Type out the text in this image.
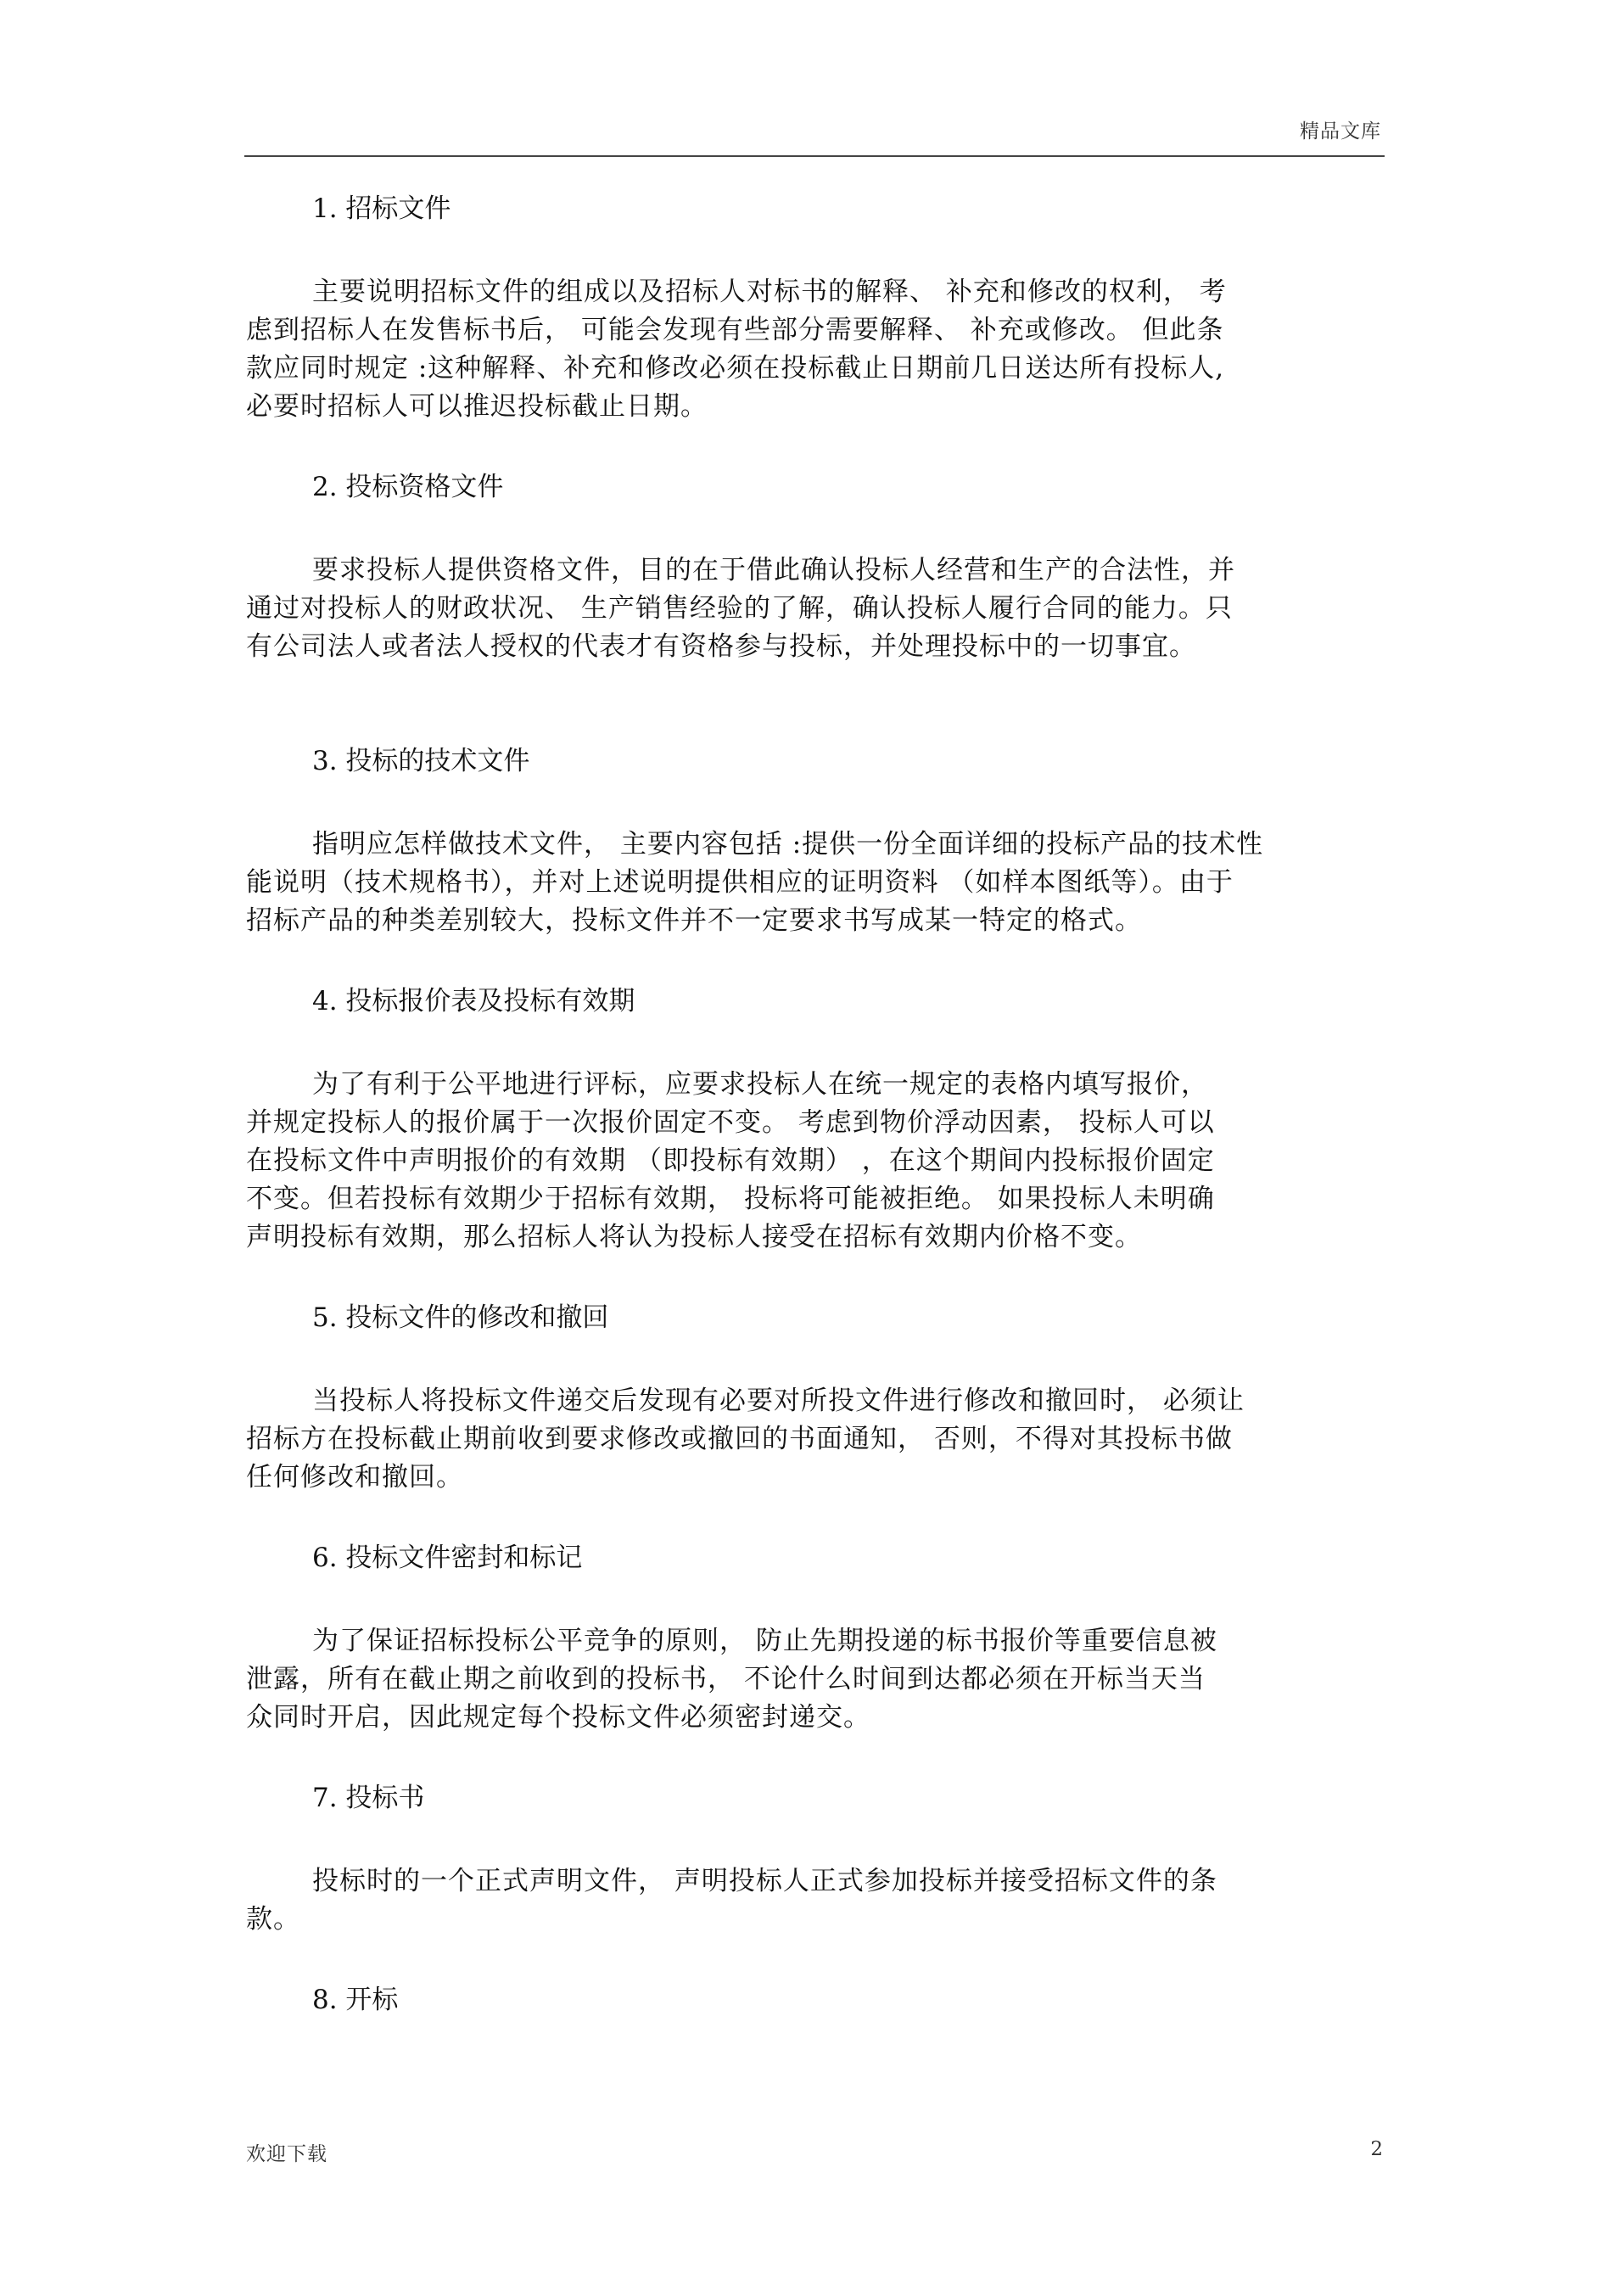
精品文库
1. 招标文件
主要说明招标文件的组成以及招标人对标书的解释、 补充和修改的权利， 考
虑到招标人在发售标书后， 可能会发现有些部分需要解释、 补充或修改。 但此条
款应同时规定 :这种解释、补充和修改必须在投标截止日期前几日送达所有投标人,
必要时招标人可以推迟投标截止日期。
2. 投标资格文件
要求投标人提供资格文件，目的在于借此确认投标人经营和生产的合法性，并
通过对投标人的财政状况、 生产销售经验的了解，确认投标人履行合同的能力。只
有公司法人或者法人授权的代表才有资格参与投标，并处理投标中的一切事宜。
3. 投标的技术文件
指明应怎样做技术文件， 主要内容包括 :提供一份全面详细的投标产品的技术性
能说明（技术规格书），并对上述说明提供相应的证明资料 （如样本图纸等）。由于
招标产品的种类差别较大，投标文件并不一定要求书写成某一特定的格式。
4. 投标报价表及投标有效期
为了有利于公平地进行评标，应要求投标人在统一规定的表格内填写报价，
并规定投标人的报价属于一次报价固定不变。 考虑到物价浮动因素， 投标人可以
在投标文件中声明报价的有效期 （即投标有效期） ，在这个期间内投标报价固定
不变。但若投标有效期少于招标有效期， 投标将可能被拒绝。 如果投标人未明确
声明投标有效期，那么招标人将认为投标人接受在招标有效期内价格不变。
5. 投标文件的修改和撤回
当投标人将投标文件递交后发现有必要对所投文件进行修改和撤回时， 必须让
招标方在投标截止期前收到要求修改或撤回的书面通知， 否则，不得对其投标书做
任何修改和撤回。
6. 投标文件密封和标记
为了保证招标投标公平竞争的原则， 防止先期投递的标书报价等重要信息被
泄露，所有在截止期之前收到的投标书， 不论什么时间到达都必须在开标当天当
众同时开启，因此规定每个投标文件必须密封递交。
7. 投标书
投标时的一个正式声明文件， 声明投标人正式参加投标并接受招标文件的条
款。
8. 开标
欢迎下载	2
